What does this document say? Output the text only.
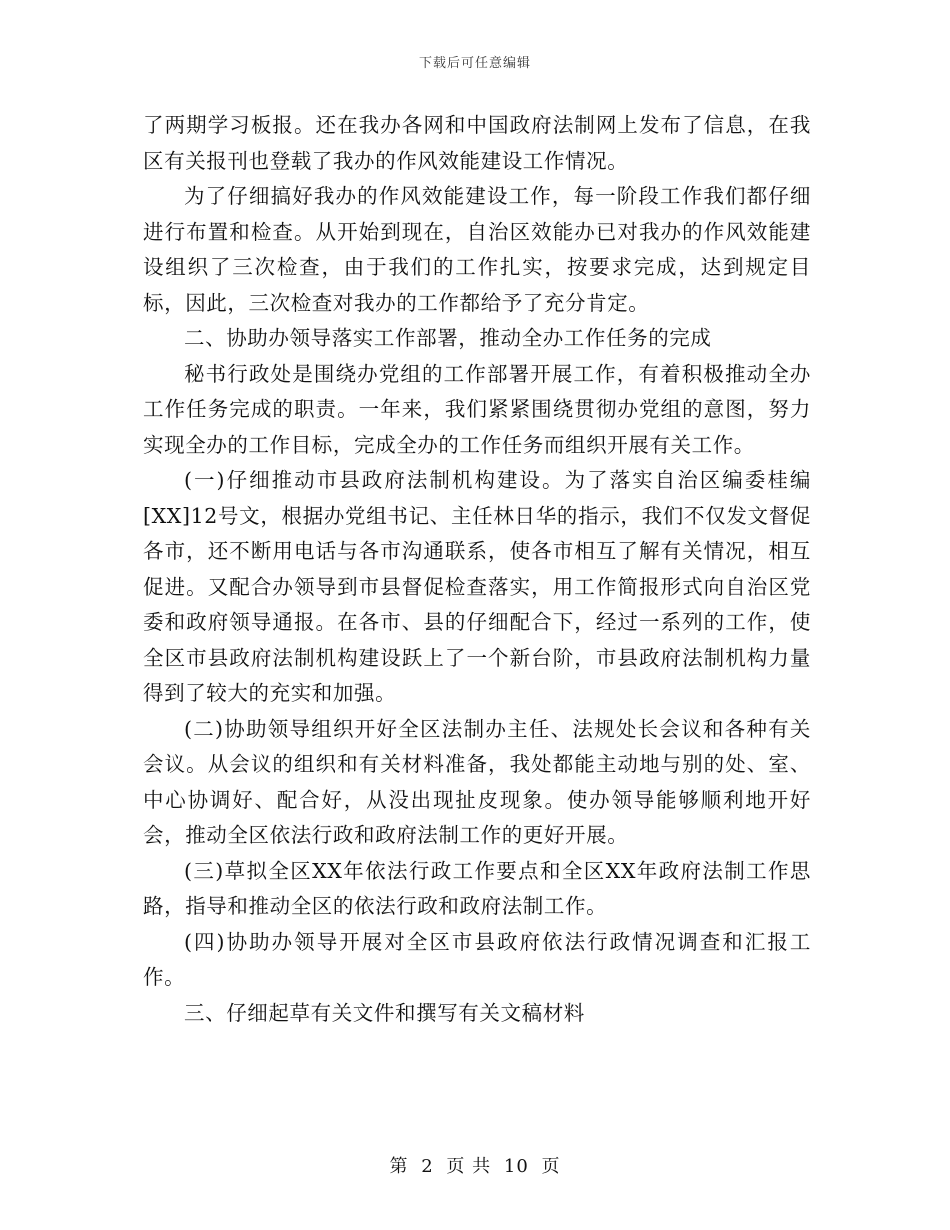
下载后可任意编辑

了两期学习板报。还在我办各网和中国政府法制网上发布了信息，在我区有关报刊也登载了我办的作风效能建设工作情况。

为了仔细搞好我办的作风效能建设工作，每一阶段工作我们都仔细进行布置和检查。从开始到现在，自治区效能办已对我办的作风效能建设组织了三次检查，由于我们的工作扎实，按要求完成，达到规定目标，因此，三次检查对我办的工作都给予了充分肯定。

二、协助办领导落实工作部署，推动全办工作任务的完成

秘书行政处是围绕办党组的工作部署开展工作，有着积极推动全办工作任务完成的职责。一年来，我们紧紧围绕贯彻办党组的意图，努力实现全办的工作目标，完成全办的工作任务而组织开展有关工作。

(一)仔细推动市县政府法制机构建设。为了落实自治区编委桂编[XX]12号文，根据办党组书记、主任林日华的指示，我们不仅发文督促各市，还不断用电话与各市沟通联系，使各市相互了解有关情况，相互促进。又配合办领导到市县督促检查落实，用工作简报形式向自治区党委和政府领导通报。在各市、县的仔细配合下，经过一系列的工作，使全区市县政府法制机构建设跃上了一个新台阶，市县政府法制机构力量得到了较大的充实和加强。

(二)协助领导组织开好全区法制办主任、法规处长会议和各种有关会议。从会议的组织和有关材料准备，我处都能主动地与别的处、室、中心协调好、配合好，从没出现扯皮现象。使办领导能够顺利地开好会，推动全区依法行政和政府法制工作的更好开展。

(三)草拟全区XX年依法行政工作要点和全区XX年政府法制工作思路，指导和推动全区的依法行政和政府法制工作。

(四)协助办领导开展对全区市县政府依法行政情况调查和汇报工作。

三、仔细起草有关文件和撰写有关文稿材料

第 2 页 共 10 页
